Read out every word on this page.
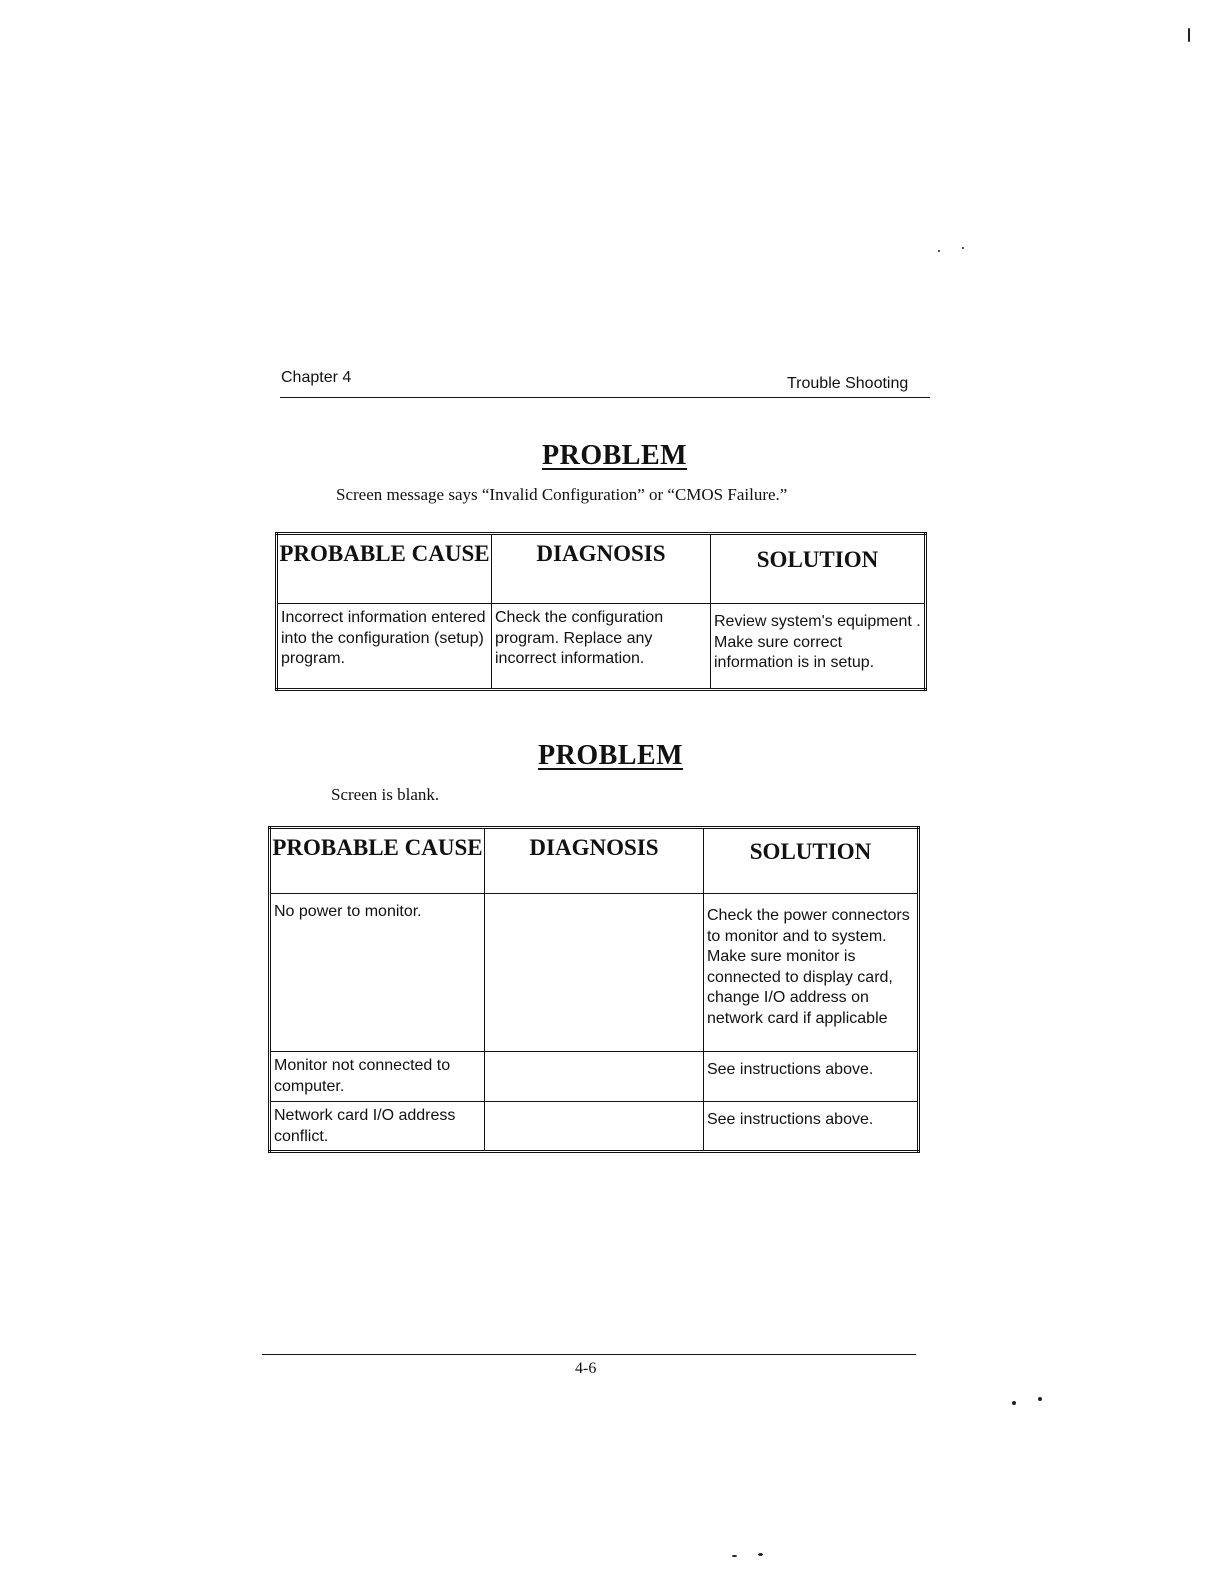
Chapter 4	Trouble Shooting
PROBLEM
Screen message says “Invalid Configuration” or “CMOS Failure.”
PROBABLE CAUSE	DIAGNOSIS	SOLUTION
Incorrect information entered into the configuration (setup) program.	Check the configuration program. Replace any incorrect information.	Review system's equipment . Make sure correct information is in setup.
PROBLEM
Screen is blank.
PROBABLE CAUSE	DIAGNOSIS	SOLUTION
No power to monitor.		Check the power connectors to monitor and to system. Make sure monitor is connected to display card, change I/O address on network card if applicable
Monitor not connected to computer.		See instructions above.
Network card I/O address conflict.		See instructions above.
4-6
